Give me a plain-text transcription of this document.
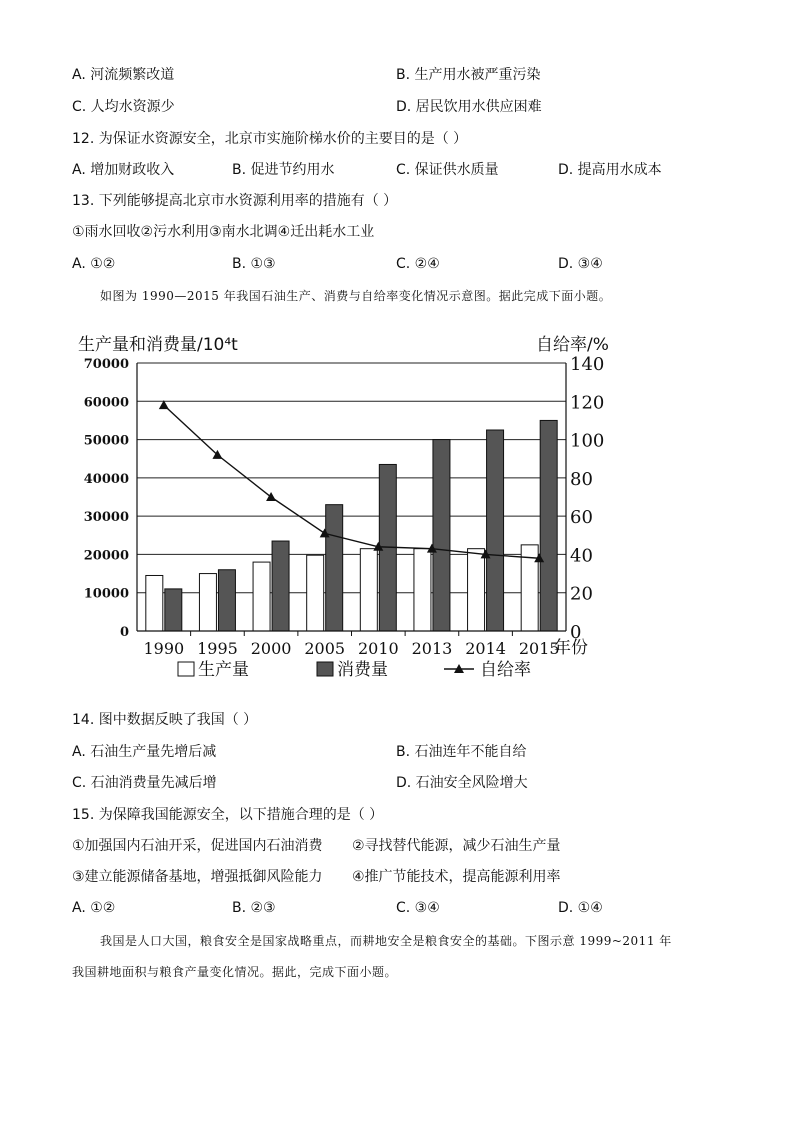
A. 河流频繁改道	B. 生产用水被严重污染
C. 人均水资源少	D. 居民饮用水供应困难
12. 为保证水资源安全，北京市实施阶梯水价的主要目的是（ ）
A. 增加财政收入	B. 促进节约用水	C. 保证供水质量	D. 提高用水成本
13. 下列能够提高北京市水资源利用率的措施有（ ）
①雨水回收②污水利用③南水北调④迁出耗水工业
A. ①②	B. ①③	C. ②④	D. ③④
如图为 1990—2015 年我国石油生产、消费与自给率变化情况示意图。据此完成下面小题。
生产量和消费量/10⁴t	自给率/%
年份
0
10000
20000
30000
40000
50000
60000
70000
0
20
40
60
80
100
120
140
1990 1995 2000 2005 2010 2013 2014 2015
生产量	消费量	自给率
14. 图中数据反映了我国（ ）
A. 石油生产量先增后减	B. 石油连年不能自给
C. 石油消费量先减后增	D. 石油安全风险增大
15. 为保障我国能源安全，以下措施合理的是（ ）
①加强国内石油开采，促进国内石油消费 ②寻找替代能源，减少石油生产量
③建立能源储备基地，增强抵御风险能力 ④推广节能技术，提高能源利用率
A. ①②	B. ②③	C. ③④	D. ①④
我国是人口大国，粮食安全是国家战略重点，而耕地安全是粮食安全的基础。下图示意 1999~2011 年
我国耕地面积与粮食产量变化情况。据此，完成下面小题。
